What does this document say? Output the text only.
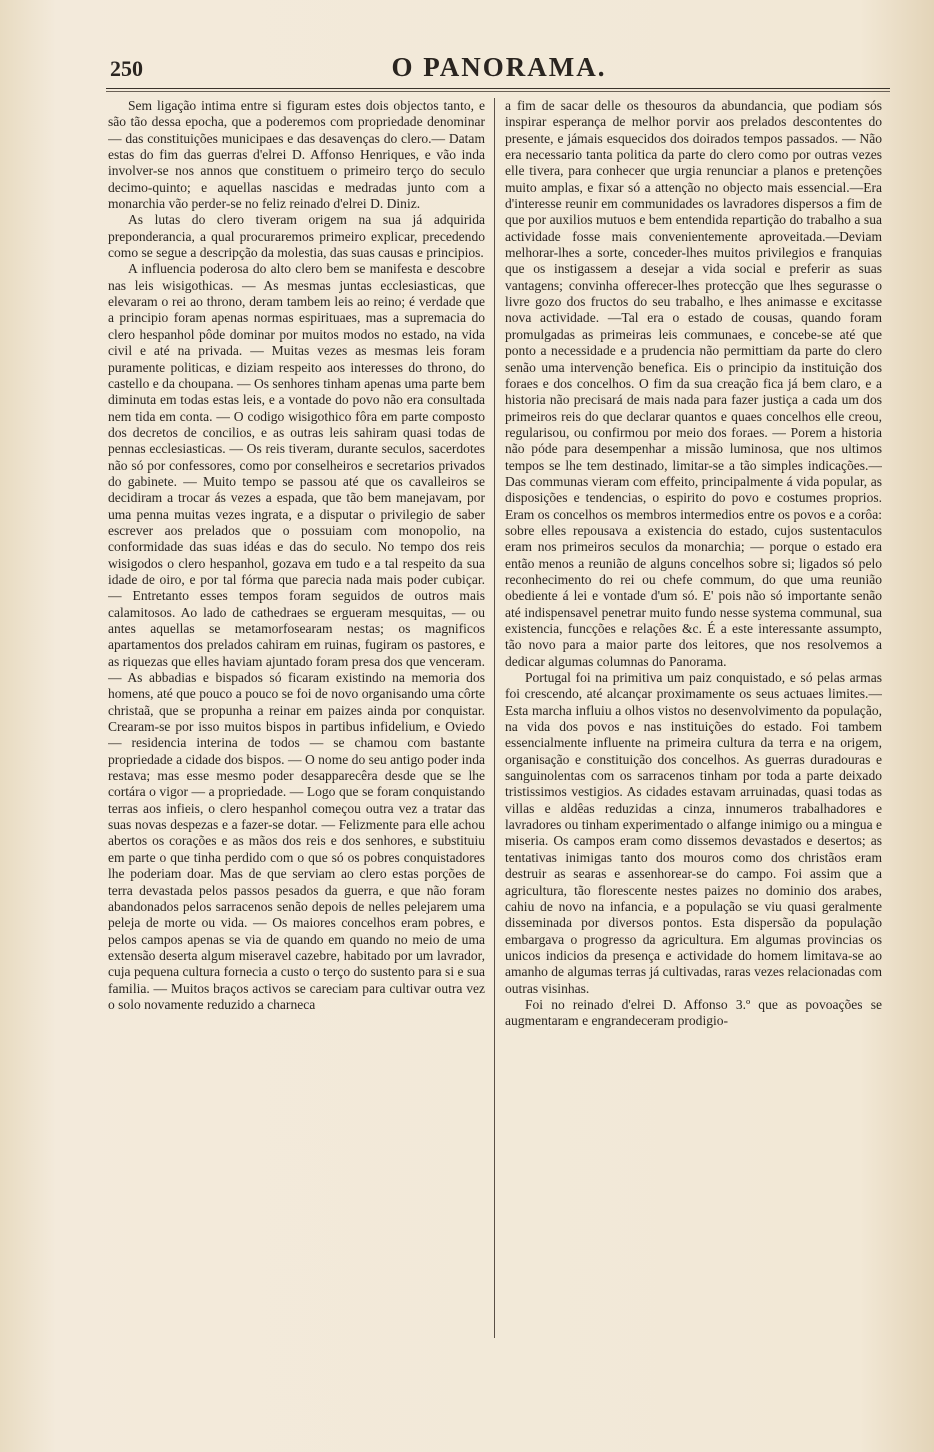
250	O PANORAMA.

Sem ligação intima entre si figuram estes dois objectos tanto, e são tão dessa epocha, que a poderemos com propriedade denominar — das constituições municipaes e das desavenças do clero.— Datam estas do fim das guerras d'elrei D. Affonso Henriques, e vão inda involver-se nos annos que constituem o primeiro terço do seculo decimo-quinto; e aquellas nascidas e medradas junto com a monarchia vão perder-se no feliz reinado d'elrei D. Diniz.

As lutas do clero tiveram origem na sua já adquirida preponderancia, a qual procuraremos primeiro explicar, precedendo como se segue a descripção da molestia, das suas causas e principios.

A influencia poderosa do alto clero bem se manifesta e descobre nas leis wisigothicas. — As mesmas juntas ecclesiasticas, que elevaram o rei ao throno, deram tambem leis ao reino; é verdade que a principio foram apenas normas espirituaes, mas a supremacia do clero hespanhol pôde dominar por muitos modos no estado, na vida civil e até na privada. — Muitas vezes as mesmas leis foram puramente politicas, e diziam respeito aos interesses do throno, do castello e da choupana. — Os senhores tinham apenas uma parte bem diminuta em todas estas leis, e a vontade do povo não era consultada nem tida em conta. — O codigo wisigothico fôra em parte composto dos decretos de concilios, e as outras leis sahiram quasi todas de pennas ecclesiasticas. — Os reis tiveram, durante seculos, sacerdotes não só por confessores, como por conselheiros e secretarios privados do gabinete. — Muito tempo se passou até que os cavalleiros se decidiram a trocar ás vezes a espada, que tão bem manejavam, por uma penna muitas vezes ingrata, e a disputar o privilegio de saber escrever aos prelados que o possuiam com monopolio, na conformidade das suas idéas e das do seculo. No tempo dos reis wisigodos o clero hespanhol, gozava em tudo e a tal respeito da sua idade de oiro, e por tal fórma que parecia nada mais poder cubiçar. — Entretanto esses tempos foram seguidos de outros mais calamitosos. Ao lado de cathedraes se ergueram mesquitas, — ou antes aquellas se metamorfosearam nestas; os magnificos apartamentos dos prelados cahiram em ruinas, fugiram os pastores, e as riquezas que elles haviam ajuntado foram presa dos que venceram. — As abbadias e bispados só ficaram existindo na memoria dos homens, até que pouco a pouco se foi de novo organisando uma côrte christaã, que se propunha a reinar em paizes ainda por conquistar. Crearam-se por isso muitos bispos in partibus infidelium, e Oviedo — residencia interina de todos — se chamou com bastante propriedade a cidade dos bispos. — O nome do seu antigo poder inda restava; mas esse mesmo poder desapparecêra desde que se lhe cortára o vigor — a propriedade. — Logo que se foram conquistando terras aos infieis, o clero hespanhol começou outra vez a tratar das suas novas despezas e a fazer-se dotar. — Felizmente para elle achou abertos os corações e as mãos dos reis e dos senhores, e substituiu em parte o que tinha perdido com o que só os pobres conquistadores lhe poderiam doar. Mas de que serviam ao clero estas porções de terra devastada pelos passos pesados da guerra, e que não foram abandonados pelos sarracenos senão depois de nelles pelejarem uma peleja de morte ou vida. — Os maiores concelhos eram pobres, e pelos campos apenas se via de quando em quando no meio de uma extensão deserta algum miseravel cazebre, habitado por um lavrador, cuja pequena cultura fornecia a custo o terço do sustento para si e sua familia. — Muitos braços activos se careciam para cultivar outra vez o solo novamente reduzido a charneca

a fim de sacar delle os thesouros da abundancia, que podiam sós inspirar esperança de melhor porvir aos prelados descontentes do presente, e jámais esquecidos dos doirados tempos passados. — Não era necessario tanta politica da parte do clero como por outras vezes elle tivera, para conhecer que urgia renunciar a planos e pretenções muito amplas, e fixar só a attenção no objecto mais essencial.—Era d'interesse reunir em communidades os lavradores dispersos a fim de que por auxilios mutuos e bem entendida repartição do trabalho a sua actividade fosse mais convenientemente aproveitada.—Deviam melhorar-lhes a sorte, conceder-lhes muitos privilegios e franquias que os instigassem a desejar a vida social e preferir as suas vantagens; convinha offerecer-lhes protecção que lhes segurasse o livre gozo dos fructos do seu trabalho, e lhes animasse e excitasse nova actividade. —Tal era o estado de cousas, quando foram promulgadas as primeiras leis communaes, e concebe-se até que ponto a necessidade e a prudencia não permittiam da parte do clero senão uma intervenção benefica. Eis o principio da instituição dos foraes e dos concelhos. O fim da sua creação fica já bem claro, e a historia não precisará de mais nada para fazer justiça a cada um dos primeiros reis do que declarar quantos e quaes concelhos elle creou, regularisou, ou confirmou por meio dos foraes. — Porem a historia não póde para desempenhar a missão luminosa, que nos ultimos tempos se lhe tem destinado, limitar-se a tão simples indicações.— Das communas vieram com effeito, principalmente á vida popular, as disposições e tendencias, o espirito do povo e costumes proprios. Eram os concelhos os membros intermedios entre os povos e a corôa: sobre elles repousava a existencia do estado, cujos sustentaculos eram nos primeiros seculos da monarchia; — porque o estado era então menos a reunião de alguns concelhos sobre si; ligados só pelo reconhecimento do rei ou chefe commum, do que uma reunião obediente á lei e vontade d'um só. E' pois não só importante senão até indispensavel penetrar muito fundo nesse systema communal, sua existencia, funcções e relações &c. É a este interessante assumpto, tão novo para a maior parte dos leitores, que nos resolvemos a dedicar algumas columnas do Panorama.

Portugal foi na primitiva um paiz conquistado, e só pelas armas foi crescendo, até alcançar proximamente os seus actuaes limites.—Esta marcha influiu a olhos vistos no desenvolvimento da população, na vida dos povos e nas instituições do estado. Foi tambem essencialmente influente na primeira cultura da terra e na origem, organisação e constituição dos concelhos. As guerras duradouras e sanguinolentas com os sarracenos tinham por toda a parte deixado tristissimos vestigios. As cidades estavam arruinadas, quasi todas as villas e aldêas reduzidas a cinza, innumeros trabalhadores e lavradores ou tinham experimentado o alfange inimigo ou a mingua e miseria. Os campos eram como dissemos devastados e desertos; as tentativas inimigas tanto dos mouros como dos christãos eram destruir as searas e assenhorear-se do campo. Foi assim que a agricultura, tão florescente nestes paizes no dominio dos arabes, cahiu de novo na infancia, e a população se viu quasi geralmente disseminada por diversos pontos. Esta dispersão da população embargava o progresso da agricultura. Em algumas provincias os unicos indicios da presença e actividade do homem limitava-se ao amanho de algumas terras já cultivadas, raras vezes relacionadas com outras visinhas.

Foi no reinado d'elrei D. Affonso 3.º que as povoações se augmentaram e engrandeceram prodigio-
